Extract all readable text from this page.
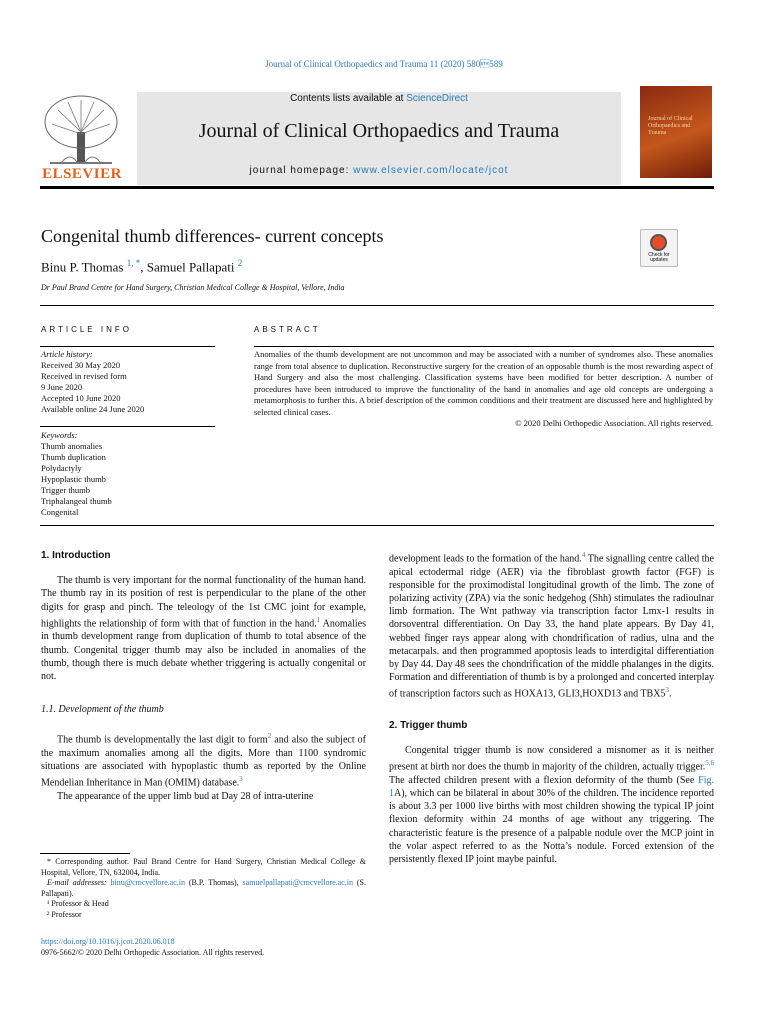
Journal of Clinical Orthopaedics and Trauma 11 (2020) 580589
ELSEVIER
Contents lists available at ScienceDirect
Journal of Clinical Orthopaedics and Trauma
journal homepage: www.elsevier.com/locate/jcot
Journal of Clinical Orthopaedics and Trauma
Congenital thumb differences- current concepts
Binu P. Thomas $^{1, *}$, Samuel Pallapati $^2$
Dr Paul Brand Centre for Hand Surgery, Christian Medical College & Hospital, Vellore, India
Check for updates
ARTICLE INFO
Article history:
Received 30 May 2020
Received in revised form
9 June 2020
Accepted 10 June 2020
Available online 24 June 2020
Keywords:
Thumb anomalies
Thumb duplication
Polydactyly
Hypoplastic thumb
Trigger thumb
Triphalangeal thumb
Congenital
ABSTRACT
Anomalies of the thumb development are not uncommon and may be associated with a number of syndromes also. These anomalies range from total absence to duplication. Reconstructive surgery for the creation of an opposable thumb is the most rewarding aspect of Hand Surgery and also the most challenging. Classification systems have been modified for better description. A number of procedures have been introduced to improve the functionality of the hand in anomalies and age old concepts are undergoing a metamorphosis to further this. A brief description of the common conditions and their treatment are discussed here and highlighted by selected clinical cases.
© 2020 Delhi Orthopedic Association. All rights reserved.
1. Introduction

The thumb is very important for the normal functionality of the human hand. The thumb ray in its position of rest is perpendicular to the plane of the other digits for grasp and pinch. The teleology of the 1st CMC joint for example, highlights the relationship of form with that of function in the hand.$^1$ Anomalies in thumb development range from duplication of thumb to total absence of the thumb. Congenital trigger thumb may also be included in anomalies of the thumb, though there is much debate whether triggering is actually congenital or not.

1.1. Development of the thumb

The thumb is developmentally the last digit to form$^2$ and also the subject of the maximum anomalies among all the digits. More than 1100 syndromic situations are associated with hypoplastic thumb as reported by the Online Mendelian Inheritance in Man (OMIM) database.$^3$

The appearance of the upper limb bud at Day 28 of intra-uterine

* Corresponding author. Paul Brand Centre for Hand Surgery, Christian Medical College & Hospital, Vellore, TN, 632004, India.
E-mail addresses: binu@cmcvellore.ac.in (B.P. Thomas), samuelpallapati@cmcvellore.ac.in (S. Pallapati).
¹ Professor & Head
² Professor
https://doi.org/10.1016/j.jcot.2020.06.018
0976-5662/© 2020 Delhi Orthopedic Association. All rights reserved.

development leads to the formation of the hand.$^4$ The signalling centre called the apical ectodermal ridge (AER) via the fibroblast growth factor (FGF) is responsible for the proximodistal longitudinal growth of the limb. The zone of polarizing activity (ZPA) via the sonic hedgehog (Shh) stimulates the radioulnar limb formation. The Wnt pathway via transcription factor Lmx-1 results in dorsoventral differentiation. On Day 33, the hand plate appears. By Day 41, webbed finger rays appear along with chondrification of radius, ulna and the metacarpals. and then programmed apoptosis leads to interdigital differentiation by Day 44. Day 48 sees the chondrification of the middle phalanges in the digits. Formation and differentiation of thumb is by a prolonged and concerted interplay of transcription factors such as HOXA13, GLI3,HOXD13 and TBX5$^3$.

2. Trigger thumb

Congenital trigger thumb is now considered a misnomer as it is neither present at birth nor does the thumb in majority of the children, actually trigger.$^{5,6}$ The affected children present with a flexion deformity of the thumb (See Fig. 1A), which can be bilateral in about 30% of the children. The incidence reported is about 3.3 per 1000 live births with most children showing the typical IP joint flexion deformity within 24 months of age without any triggering. The characteristic feature is the presence of a palpable nodule over the MCP joint in the volar aspect referred to as the Notta’s nodule. Forced extension of the persistently flexed IP joint maybe painful.
